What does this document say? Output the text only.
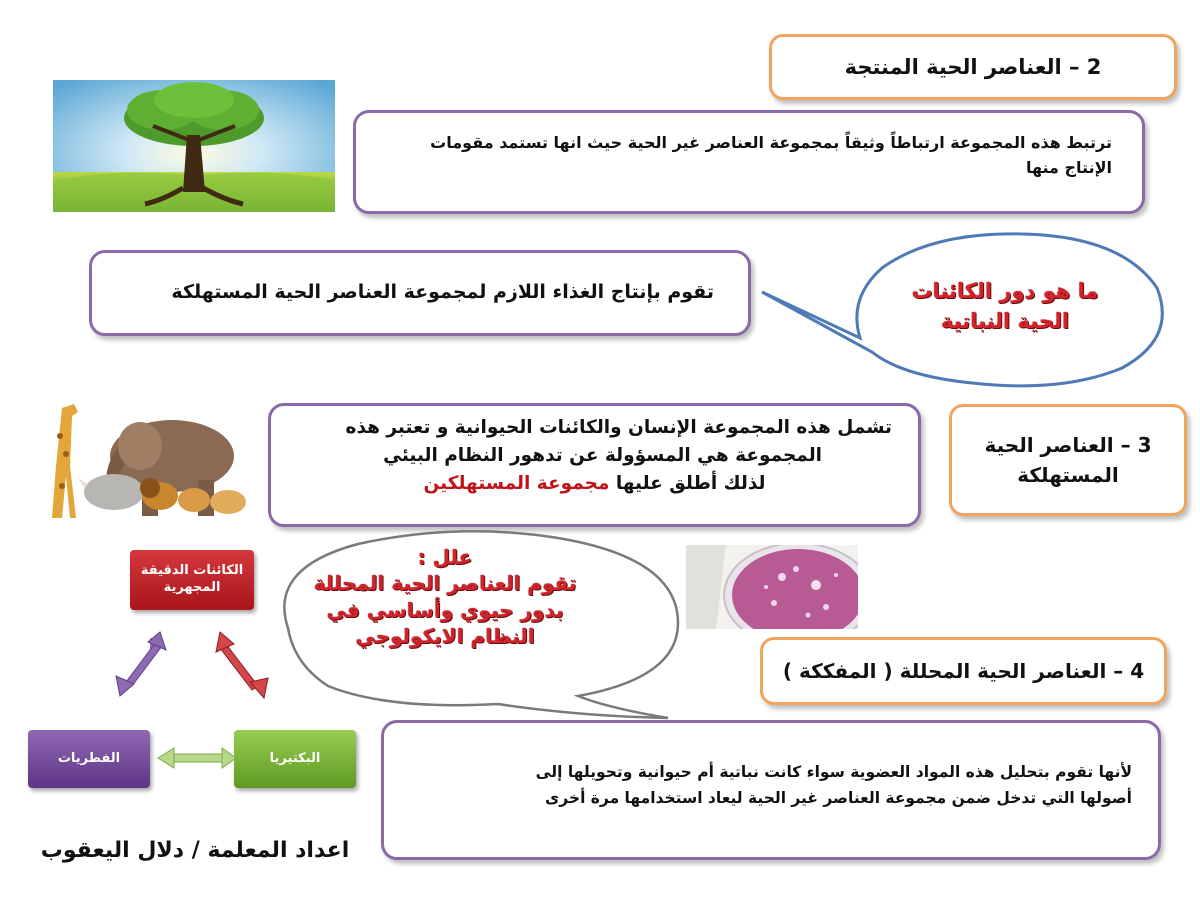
2 – العناصر الحية المنتجة
ترتبط هذه المجموعة ارتباطاً وثيقاً بمجموعة العناصر غير الحية حيث انها تستمد مقومات الإنتاج منها
تقوم بإنتاج الغذاء اللازم لمجموعة العناصر الحية المستهلكة	ما هو دور الكائنات
الحية النباتية
تشمل هذه المجموعة الإنسان والكائنات الحيوانية و تعتبر هذه
المجموعة هي المسؤولة عن تدهور النظام البيئي
لذلك أطلق عليها مجموعة المستهلكين
3 – العناصر الحية
المستهلكة
4 – العناصر الحية المحللة ( المفككة )
لأنها تقوم بتحليل هذه المواد العضوية سواء كانت نباتية أم حيوانية وتحويلها إلى
أصولها التي تدخل ضمن مجموعة العناصر غير الحية ليعاد استخدامها مرة أخرى
علل :
تقوم العناصر الحية المحللة
بدور حيوي وأساسي في
النظام الايكولوجي
الكائنات الدقيقة المجهرية
الفطريات	البكتيريا
اعداد المعلمة / دلال اليعقوب
